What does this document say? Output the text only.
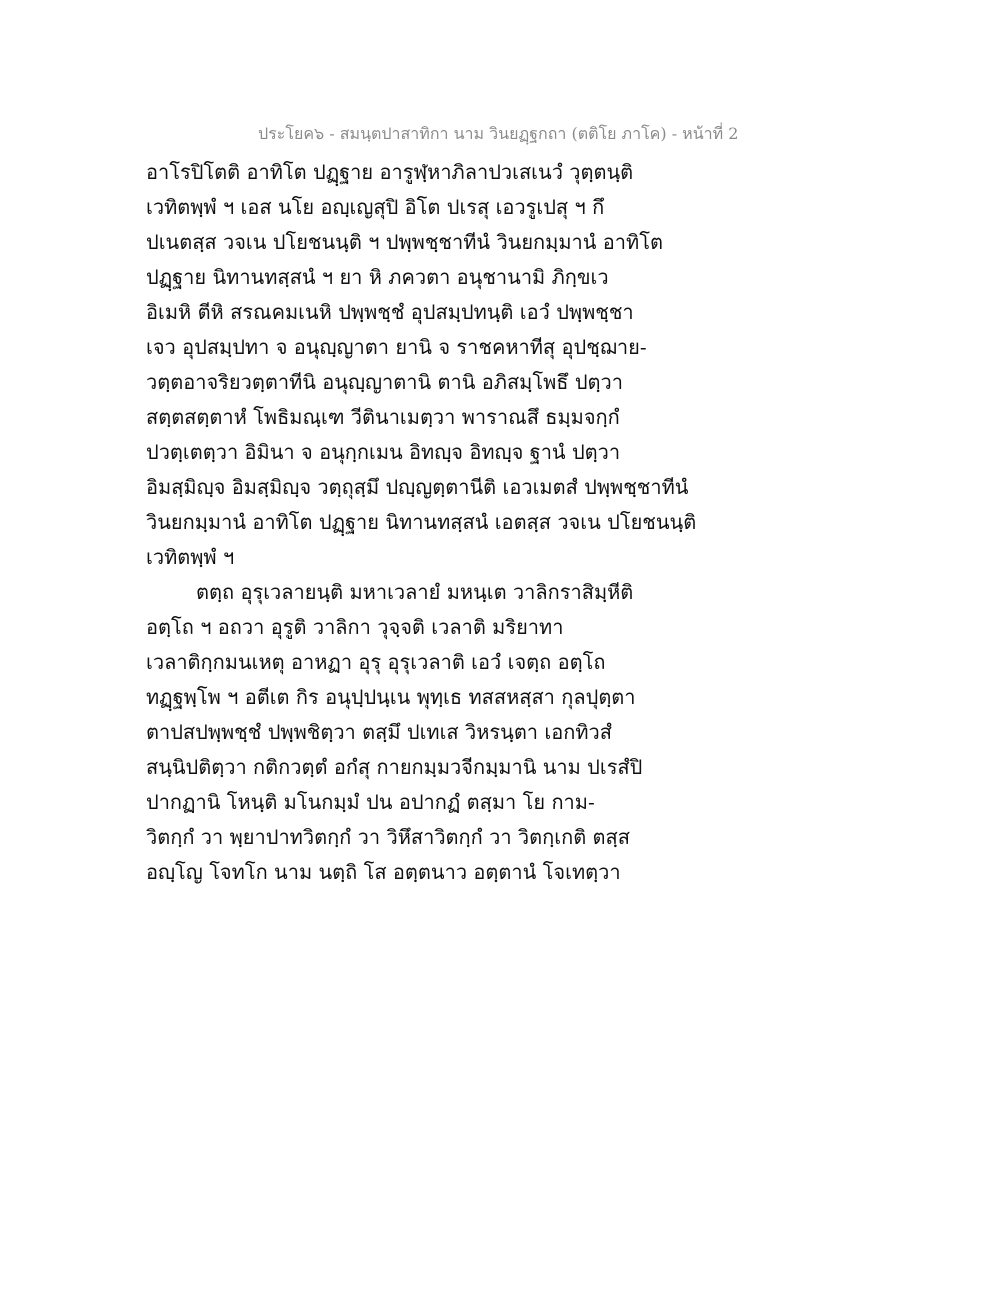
ประโยค๖ - สมนฺตปาสาทิกา นาม วินยฏฺฐกถา (ตติโย ภาโค) - หน้าที่ 2
อาโรปิโตติ อาทิโต ปฏฺฐาย อารูฬฺหาภิลาปวเสเนวํ วุตฺตนฺติ
เวทิตพฺพํ ฯ เอส นโย อญฺเญสุปิ อิโต ปเรสุ เอวรูเปสุ ฯ กึ
ปเนตสฺส วจเน ปโยชนนฺติ ฯ ปพฺพชฺชาทีนํ วินยกมฺมานํ อาทิโต
ปฏฺฐาย นิทานทสฺสนํ ฯ ยา หิ ภควตา อนุชานามิ ภิกฺขเว
อิเมหิ ตีหิ สรณคมเนหิ ปพฺพชฺชํ อุปสมฺปทนฺติ เอวํ ปพฺพชฺชา
เจว อุปสมฺปทา จ อนุญฺญาตา ยานิ จ ราชคหาทีสุ อุปชฺฌาย-
วตฺตอาจริยวตฺตาทีนิ อนุญฺญาตานิ ตานิ อภิสมฺโพธึ ปตฺวา
สตฺตสตฺตาหํ โพธิมณฺเฑ วีตินาเมตฺวา พาราณสึ ธมฺมจกฺกํ
ปวตฺเตตฺวา อิมินา จ อนุกฺกเมน อิทญฺจ อิทญฺจ ฐานํ ปตฺวา
อิมสฺมิญฺจ อิมสฺมิญฺจ วตฺถุสฺมึ ปญฺญตฺตานีติ เอวเมตสํ ปพฺพชฺชาทีนํ
วินยกมฺมานํ อาทิโต ปฏฺฐาย นิทานทสฺสนํ เอตสฺส วจเน ปโยชนนฺติ
เวทิตพฺพํ ฯ
ตตฺถ อุรุเวลายนฺติ มหาเวลายํ มหนฺเต วาลิกราสิมฺหีติ
อตฺโถ ฯ อถวา อุรูติ วาลิกา วุจฺจติ เวลาติ มริยาทา
เวลาติกฺกมนเหตุ อาหฏา อุรุ อุรุเวลาติ เอวํ เจตฺถ อตฺโถ
ทฏฺฐพฺโพ ฯ อตีเต กิร อนุปฺปนฺเน พุทฺเธ ทสสหสฺสา กุลปุตฺตา
ตาปสปพฺพชฺชํ ปพฺพชิตฺวา ตสฺมึ ปเทเส วิหรนฺตา เอกทิวสํ
สนฺนิปติตฺวา กติกวตฺตํ อกํสุ กายกมฺมวจีกมฺมานิ นาม ปเรสํปิ
ปากฏานิ โหนฺติ มโนกมฺมํ ปน อปากฏํ ตสฺมา โย กาม-
วิตกฺกํ วา พฺยาปาทวิตกฺกํ วา วิหึสาวิตกฺกํ วา วิตกฺเกติ ตสฺส
อญฺโญ โจทโก นาม นตฺถิ โส อตฺตนาว อตฺตานํ โจเทตฺวา
